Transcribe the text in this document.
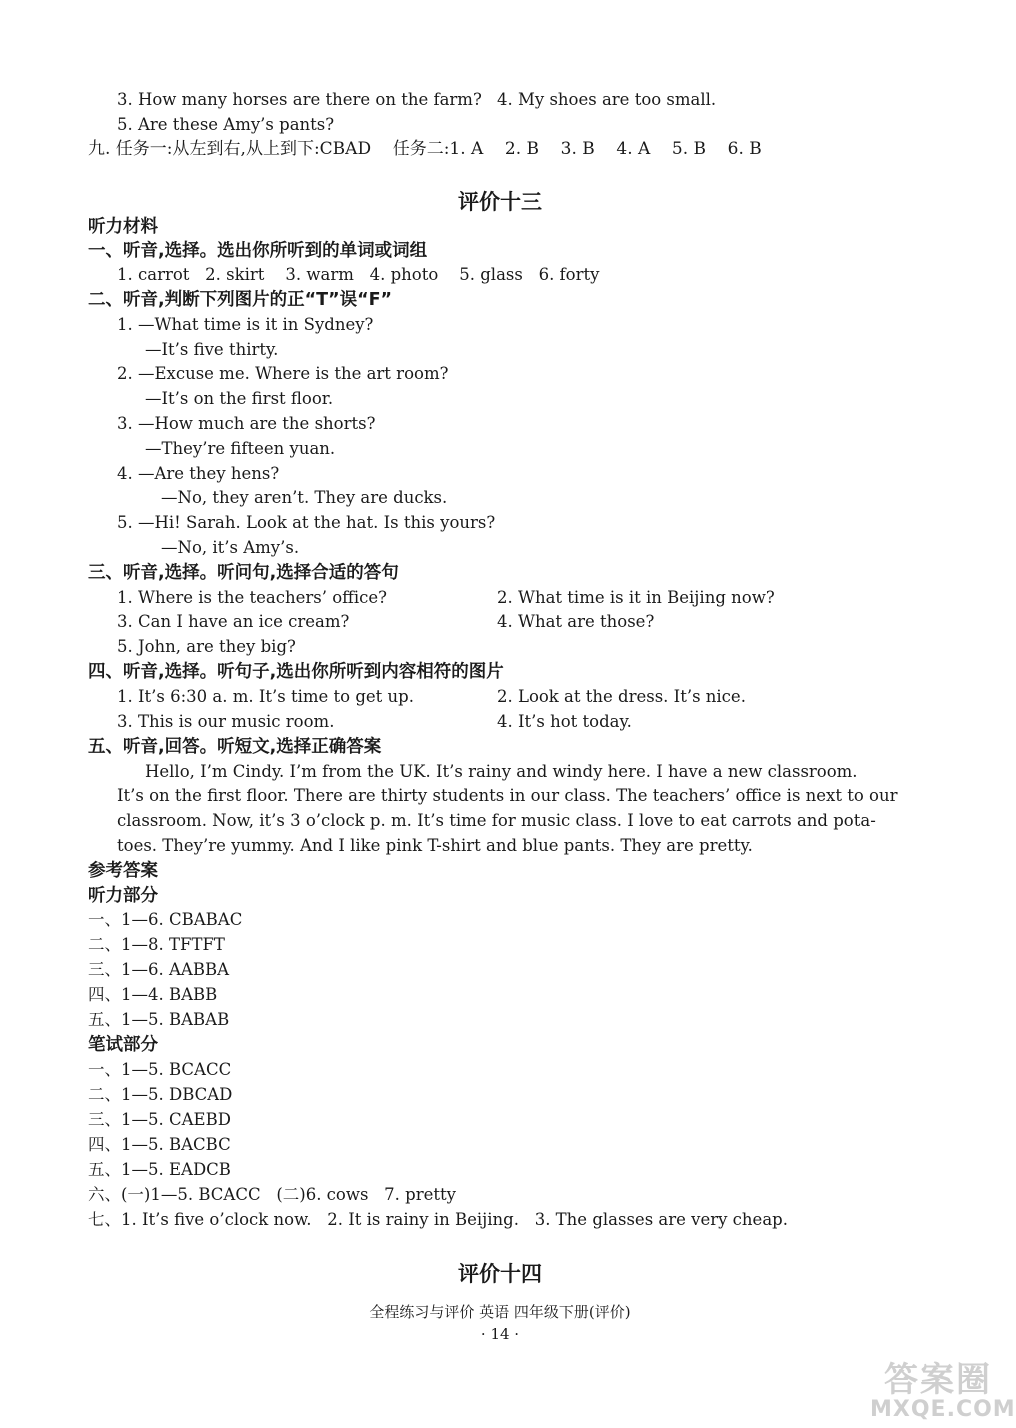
3. How many horses are there on the farm? 4. My shoes are too small.
5. Are these Amy’s pants?
九. 任务一:从左到右,从上到下:CBAD    任务二:1. A    2. B    3. B    4. A    5. B    6. B
评价十三
听力材料
一、听音,选择。选出你所听到的单词或词组
1. carrot   2. skirt    3. warm   4. photo    5. glass   6. forty
二、听音,判断下列图片的正“T”误“F”
1. —What time is it in Sydney?
—It’s five thirty.
2. —Excuse me. Where is the art room?
—It’s on the first floor.
3. —How much are the shorts?
—They’re fifteen yuan.
4. —Are they hens?
—No, they aren’t. They are ducks.
5. —Hi! Sarah. Look at the hat. Is this yours?
—No, it’s Amy’s.
三、听音,选择。听问句,选择合适的答句
1. Where is the teachers’ office?	2. What time is it in Beijing now?
3. Can I have an ice cream?	4. What are those?
5. John, are they big?
四、听音,选择。听句子,选出你所听到内容相符的图片
1. It’s 6:30 a. m. It’s time to get up.	2. Look at the dress. It’s nice.
3. This is our music room.	4. It’s hot today.
五、听音,回答。听短文,选择正确答案
Hello, I’m Cindy. I’m from the UK. It’s rainy and windy here. I have a new classroom.
It’s on the first floor. There are thirty students in our class. The teachers’ office is next to our
classroom. Now, it’s 3 o’clock p. m. It’s time for music class. I love to eat carrots and pota-
toes. They’re yummy. And I like pink T-shirt and blue pants. They are pretty.
参考答案
听力部分
一、1—6. CBABAC
二、1—8. TFTFT
三、1—6. AABBA
四、1—4. BABB
五、1—5. BABAB
笔试部分
一、1—5. BCACC
二、1—5. DBCAD
三、1—5. CAEBD
四、1—5. BACBC
五、1—5. EADCB
六、(一)1—5. BCACC   (二)6. cows   7. pretty
七、1. It’s five o’clock now.   2. It is rainy in Beijing.   3. The glasses are very cheap.
评价十四
全程练习与评价 英语 四年级下册(评价)
· 14 ·
答案圈
MXQE.COM
